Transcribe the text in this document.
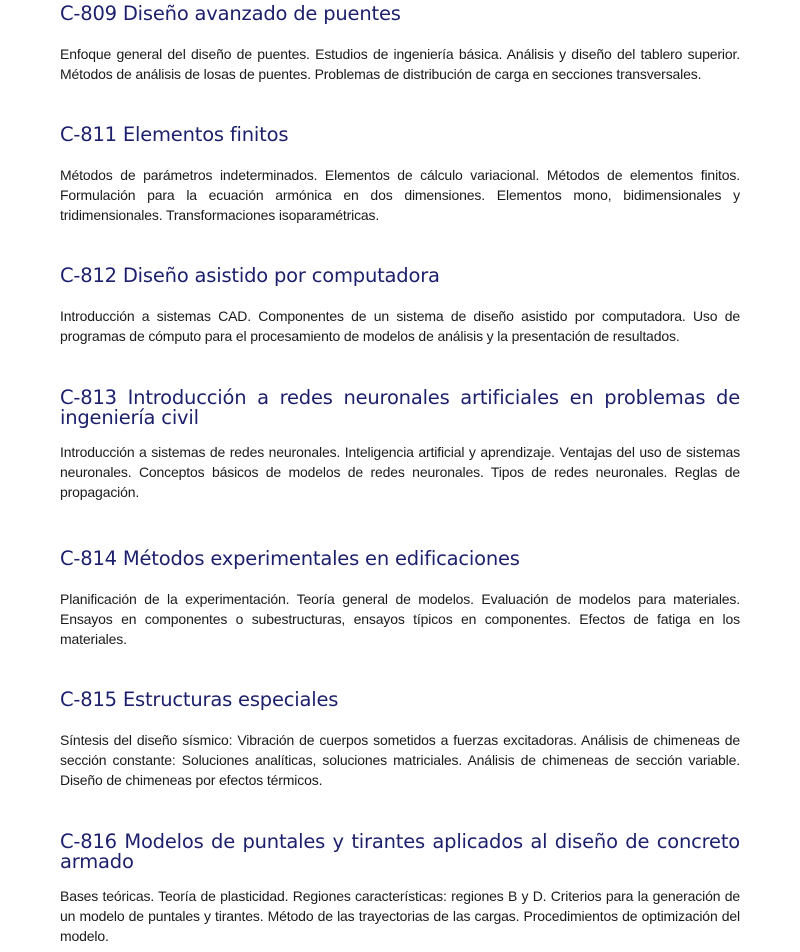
C-809 Diseño avanzado de puentes

Enfoque general del diseño de puentes. Estudios de ingeniería básica. Análisis y diseño del tablero superior. Métodos de análisis de losas de puentes. Problemas de distribución de carga en secciones transversales.

C-811 Elementos finitos

Métodos de parámetros indeterminados. Elementos de cálculo variacional. Métodos de elementos finitos. Formulación para la ecuación armónica en dos dimensiones. Elementos mono, bidimensionales y tridimensionales. Transformaciones isoparamétricas.

C-812 Diseño asistido por computadora

Introducción a sistemas CAD. Componentes de un sistema de diseño asistido por computadora. Uso de programas de cómputo para el procesamiento de modelos de análisis y la presentación de resultados.

C-813 Introducción a redes neuronales artificiales en problemas de ingeniería civil

Introducción a sistemas de redes neuronales. Inteligencia artificial y aprendizaje. Ventajas del uso de sistemas neuronales. Conceptos básicos de modelos de redes neuronales. Tipos de redes neuronales. Reglas de propagación.

C-814 Métodos experimentales en edificaciones

Planificación de la experimentación. Teoría general de modelos. Evaluación de modelos para materiales. Ensayos en componentes o subestructuras, ensayos típicos en componentes. Efectos de fatiga en los materiales.

C-815 Estructuras especiales

Síntesis del diseño sísmico: Vibración de cuerpos sometidos a fuerzas excitadoras. Análisis de chimeneas de sección constante: Soluciones analíticas, soluciones matriciales. Análisis de chimeneas de sección variable. Diseño de chimeneas por efectos térmicos.

C-816 Modelos de puntales y tirantes aplicados al diseño de concreto armado

Bases teóricas. Teoría de plasticidad. Regiones características: regiones B y D. Criterios para la generación de un modelo de puntales y tirantes. Método de las trayectorias de las cargas. Procedimientos de optimización del modelo.
